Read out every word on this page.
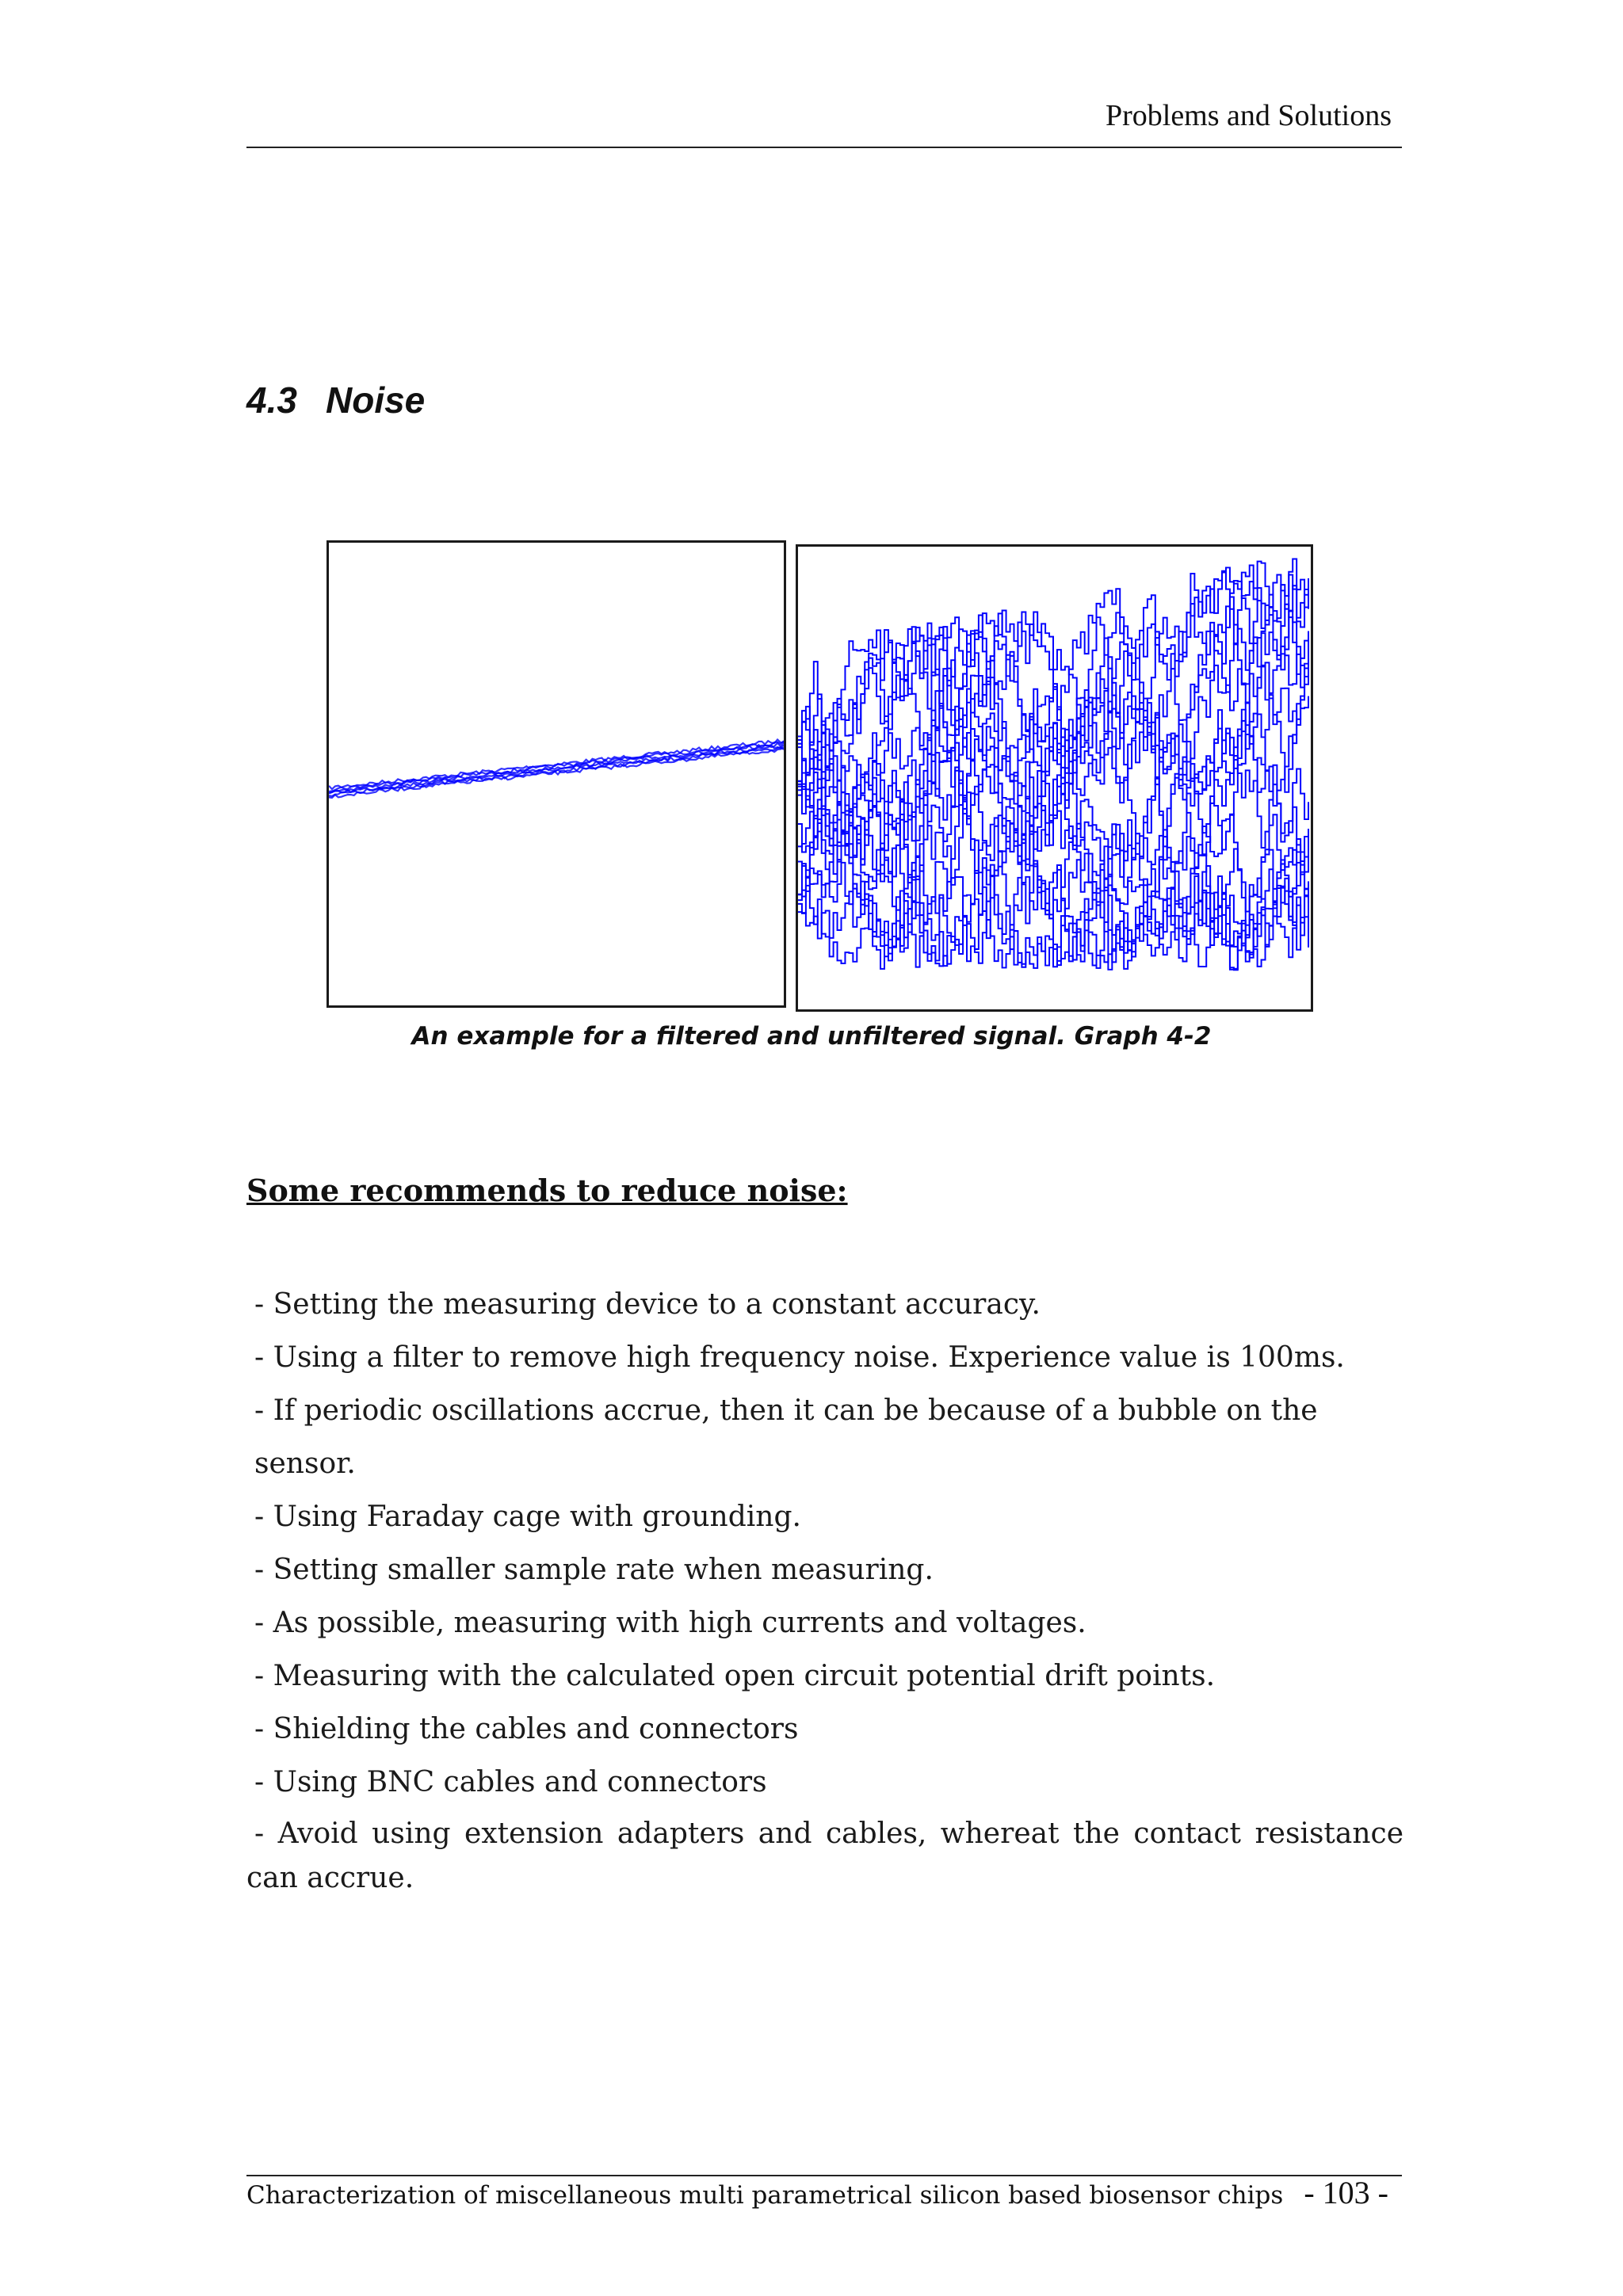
Problems and Solutions
4.3 Noise
An example for a filtered and unfiltered signal. Graph 4-2
Some recommends to reduce noise:
- Setting the measuring device to a constant accuracy.
- Using a filter to remove high frequency noise. Experience value is 100ms.
- If periodic oscillations accrue, then it can be because of a bubble on the sensor.
- Using Faraday cage with grounding.
- Setting smaller sample rate when measuring.
- As possible, measuring with high currents and voltages.
- Measuring with the calculated open circuit potential drift points.
- Shielding the cables and connectors
- Using BNC cables and connectors
- Avoid using extension adapters and cables, whereat the contact resistance can accrue.
Characterization of miscellaneous multi parametrical silicon based biosensor chips - 103 -
